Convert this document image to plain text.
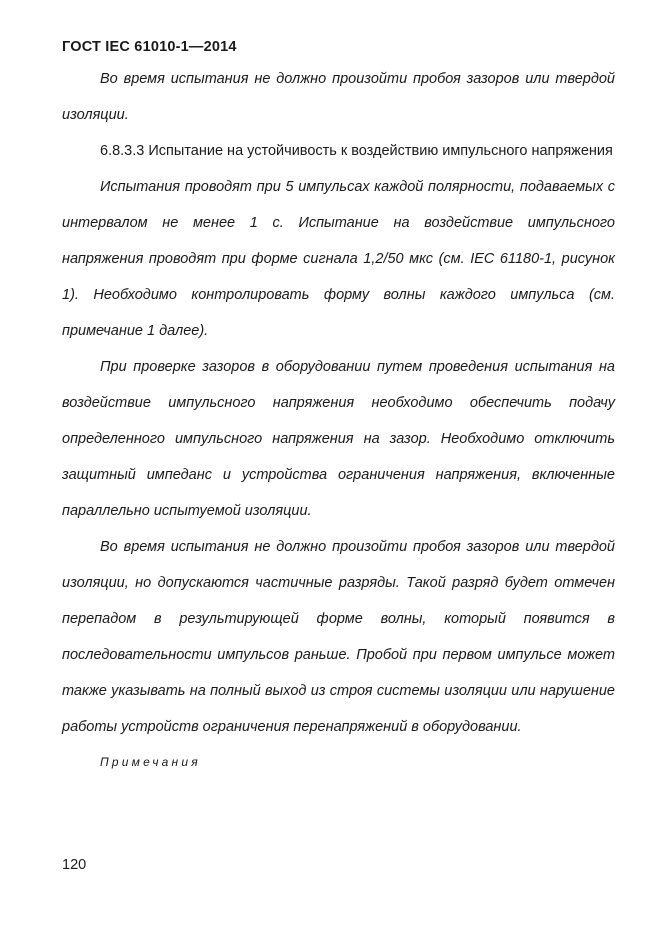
ГОСТ IEC 61010-1—2014

Во время испытания не должно произойти пробоя зазоров или твердой изоляции.

6.8.3.3 Испытание на устойчивость к воздействию импульсного напряжения

Испытания проводят при 5 импульсах каждой полярности, подаваемых с интервалом не менее 1 с. Испытание на воздействие импульсного напряжения проводят при форме сигнала 1,2/50 мкс (см. IEC 61180-1, рисунок 1). Необходимо контролировать форму волны каждого импульса (см. примечание 1 далее).

При проверке зазоров в оборудовании путем проведения испытания на воздействие импульсного напряжения необходимо обеспечить подачу определенного импульсного напряжения на зазор. Необходимо отключить защитный импеданс и устройства ограничения напряжения, включенные параллельно испытуемой изоляции.

Во время испытания не должно произойти пробоя зазоров или твердой изоляции, но допускаются частичные разряды. Такой разряд будет отмечен перепадом в результирующей форме волны, который появится в последовательности импульсов раньше. Пробой при первом импульсе может также указывать на полный выход из строя системы изоляции или нарушение работы устройств ограничения перенапряжений в оборудовании.

Примечания

120
